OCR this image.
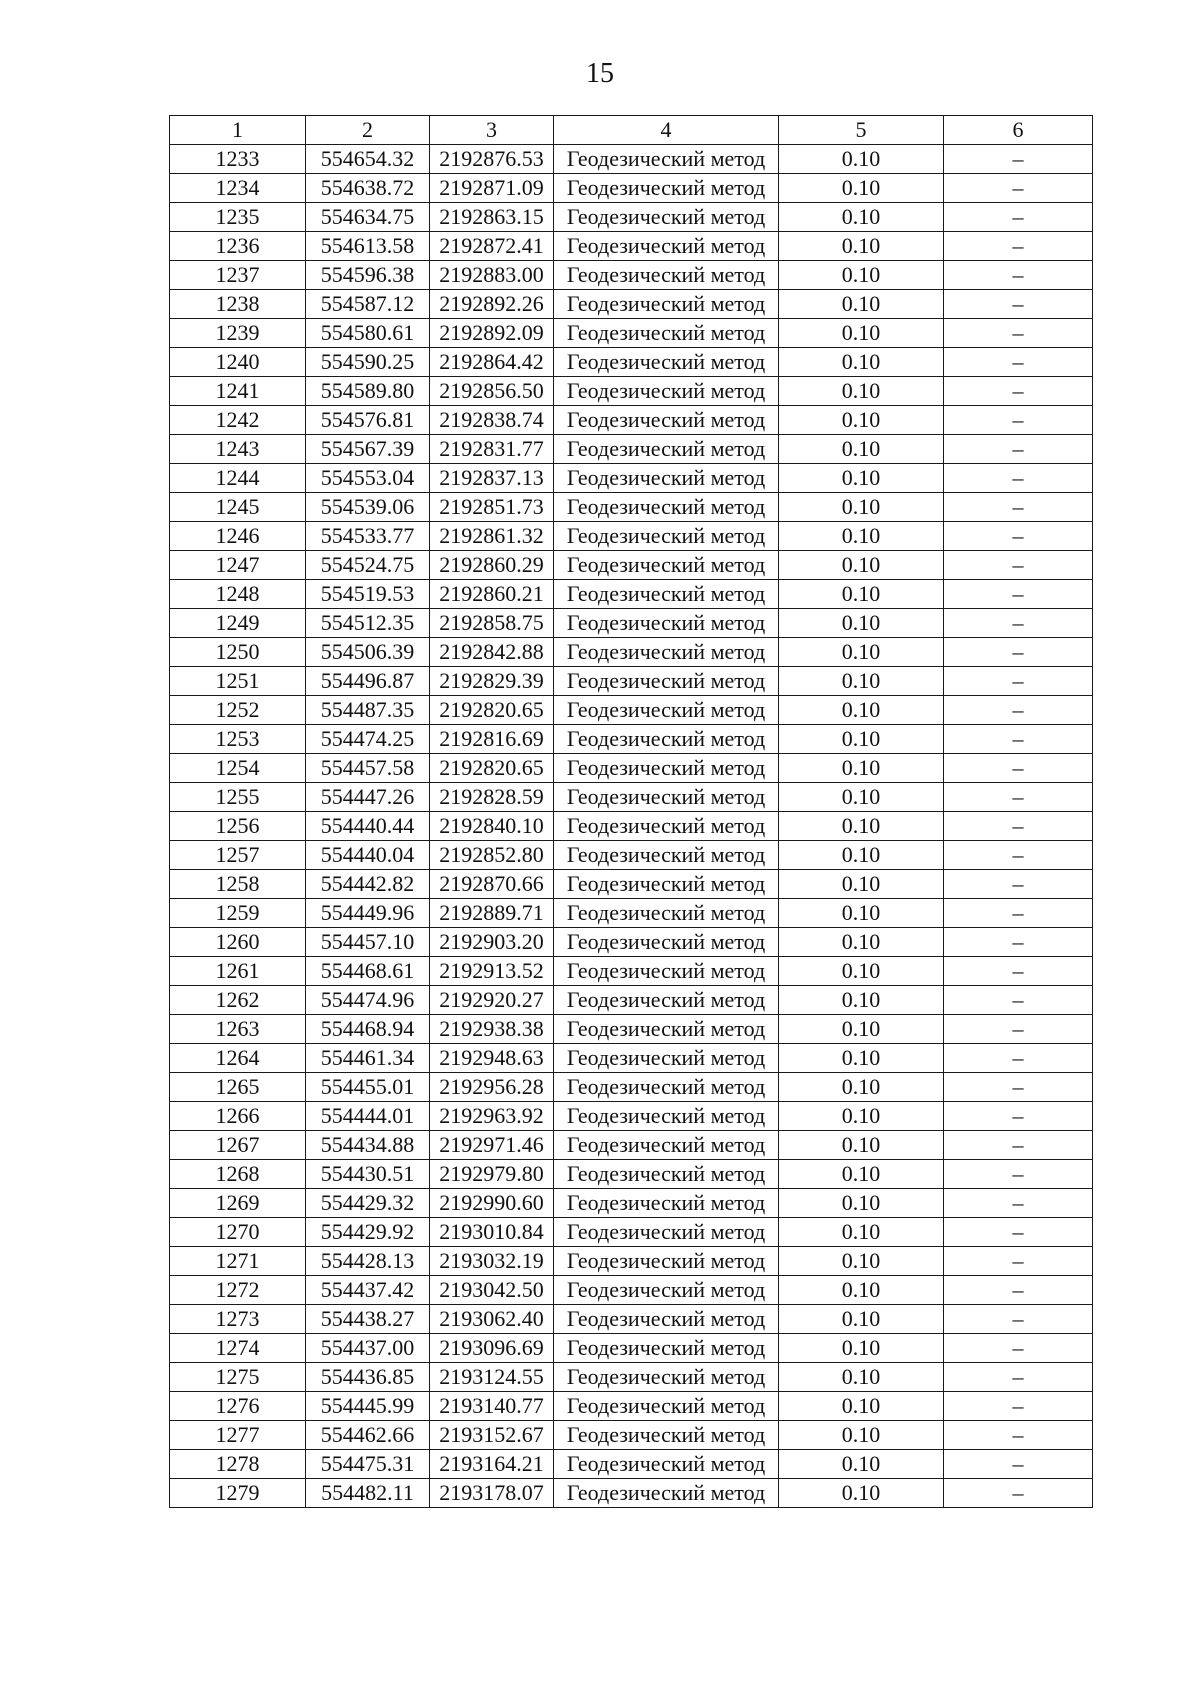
15
1	2	3	4	5	6
1233	554654.32	2192876.53	Геодезический метод	0.10	–
1234	554638.72	2192871.09	Геодезический метод	0.10	–
1235	554634.75	2192863.15	Геодезический метод	0.10	–
1236	554613.58	2192872.41	Геодезический метод	0.10	–
1237	554596.38	2192883.00	Геодезический метод	0.10	–
1238	554587.12	2192892.26	Геодезический метод	0.10	–
1239	554580.61	2192892.09	Геодезический метод	0.10	–
1240	554590.25	2192864.42	Геодезический метод	0.10	–
1241	554589.80	2192856.50	Геодезический метод	0.10	–
1242	554576.81	2192838.74	Геодезический метод	0.10	–
1243	554567.39	2192831.77	Геодезический метод	0.10	–
1244	554553.04	2192837.13	Геодезический метод	0.10	–
1245	554539.06	2192851.73	Геодезический метод	0.10	–
1246	554533.77	2192861.32	Геодезический метод	0.10	–
1247	554524.75	2192860.29	Геодезический метод	0.10	–
1248	554519.53	2192860.21	Геодезический метод	0.10	–
1249	554512.35	2192858.75	Геодезический метод	0.10	–
1250	554506.39	2192842.88	Геодезический метод	0.10	–
1251	554496.87	2192829.39	Геодезический метод	0.10	–
1252	554487.35	2192820.65	Геодезический метод	0.10	–
1253	554474.25	2192816.69	Геодезический метод	0.10	–
1254	554457.58	2192820.65	Геодезический метод	0.10	–
1255	554447.26	2192828.59	Геодезический метод	0.10	–
1256	554440.44	2192840.10	Геодезический метод	0.10	–
1257	554440.04	2192852.80	Геодезический метод	0.10	–
1258	554442.82	2192870.66	Геодезический метод	0.10	–
1259	554449.96	2192889.71	Геодезический метод	0.10	–
1260	554457.10	2192903.20	Геодезический метод	0.10	–
1261	554468.61	2192913.52	Геодезический метод	0.10	–
1262	554474.96	2192920.27	Геодезический метод	0.10	–
1263	554468.94	2192938.38	Геодезический метод	0.10	–
1264	554461.34	2192948.63	Геодезический метод	0.10	–
1265	554455.01	2192956.28	Геодезический метод	0.10	–
1266	554444.01	2192963.92	Геодезический метод	0.10	–
1267	554434.88	2192971.46	Геодезический метод	0.10	–
1268	554430.51	2192979.80	Геодезический метод	0.10	–
1269	554429.32	2192990.60	Геодезический метод	0.10	–
1270	554429.92	2193010.84	Геодезический метод	0.10	–
1271	554428.13	2193032.19	Геодезический метод	0.10	–
1272	554437.42	2193042.50	Геодезический метод	0.10	–
1273	554438.27	2193062.40	Геодезический метод	0.10	–
1274	554437.00	2193096.69	Геодезический метод	0.10	–
1275	554436.85	2193124.55	Геодезический метод	0.10	–
1276	554445.99	2193140.77	Геодезический метод	0.10	–
1277	554462.66	2193152.67	Геодезический метод	0.10	–
1278	554475.31	2193164.21	Геодезический метод	0.10	–
1279	554482.11	2193178.07	Геодезический метод	0.10	–
